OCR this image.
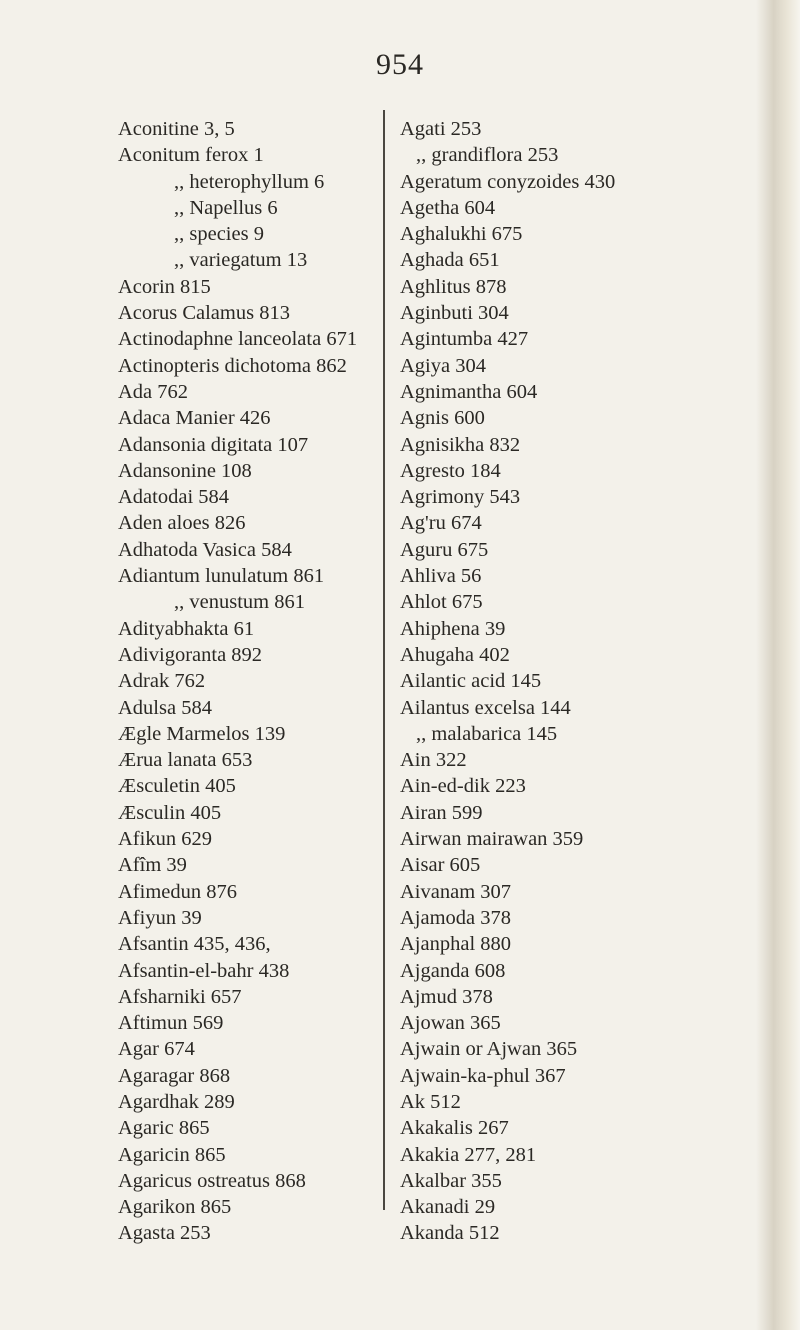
954
Aconitine 3, 5
Aconitum ferox 1
,, heterophyllum 6
,, Napellus 6
,, species 9
,, variegatum 13
Acorin 815
Acorus Calamus 813
Actinodaphne lanceolata 671
Actinopteris dichotoma 862
Ada 762
Adaca Manier 426
Adansonia digitata 107
Adansonine 108
Adatodai 584
Aden aloes 826
Adhatoda Vasica 584
Adiantum lunulatum 861
,, venustum 861
Adityabhakta 61
Adivigoranta 892
Adrak 762
Adulsa 584
Ægle Marmelos 139
Ærua lanata 653
Æsculetin 405
Æsculin 405
Afikun 629
Afîm 39
Afimedun 876
Afiyun 39
Afsantin 435, 436,
Afsantin-el-bahr 438
Afsharniki 657
Aftimun 569
Agar 674
Agaragar 868
Agardhak 289
Agaric 865
Agaricin 865
Agaricus ostreatus 868
Agarikon 865
Agasta 253
Agati 253
,, grandiflora 253
Ageratum conyzoides 430
Agetha 604
Aghalukhi 675
Aghada 651
Aghlitus 878
Aginbuti 304
Agintumba 427
Agiya 304
Agnimantha 604
Agnis 600
Agnisikha 832
Agresto 184
Agrimony 543
Ag'ru 674
Aguru 675
Ahliva 56
Ahlot 675
Ahiphena 39
Ahugaha 402
Ailantic acid 145
Ailantus excelsa 144
,, malabarica 145
Ain 322
Ain-ed-dik 223
Airan 599
Airwan mairawan 359
Aisar 605
Aivanam 307
Ajamoda 378
Ajanphal 880
Ajganda 608
Ajmud 378
Ajowan 365
Ajwain or Ajwan 365
Ajwain-ka-phul 367
Ak 512
Akakalis 267
Akakia 277, 281
Akalbar 355
Akanadi 29
Akanda 512
